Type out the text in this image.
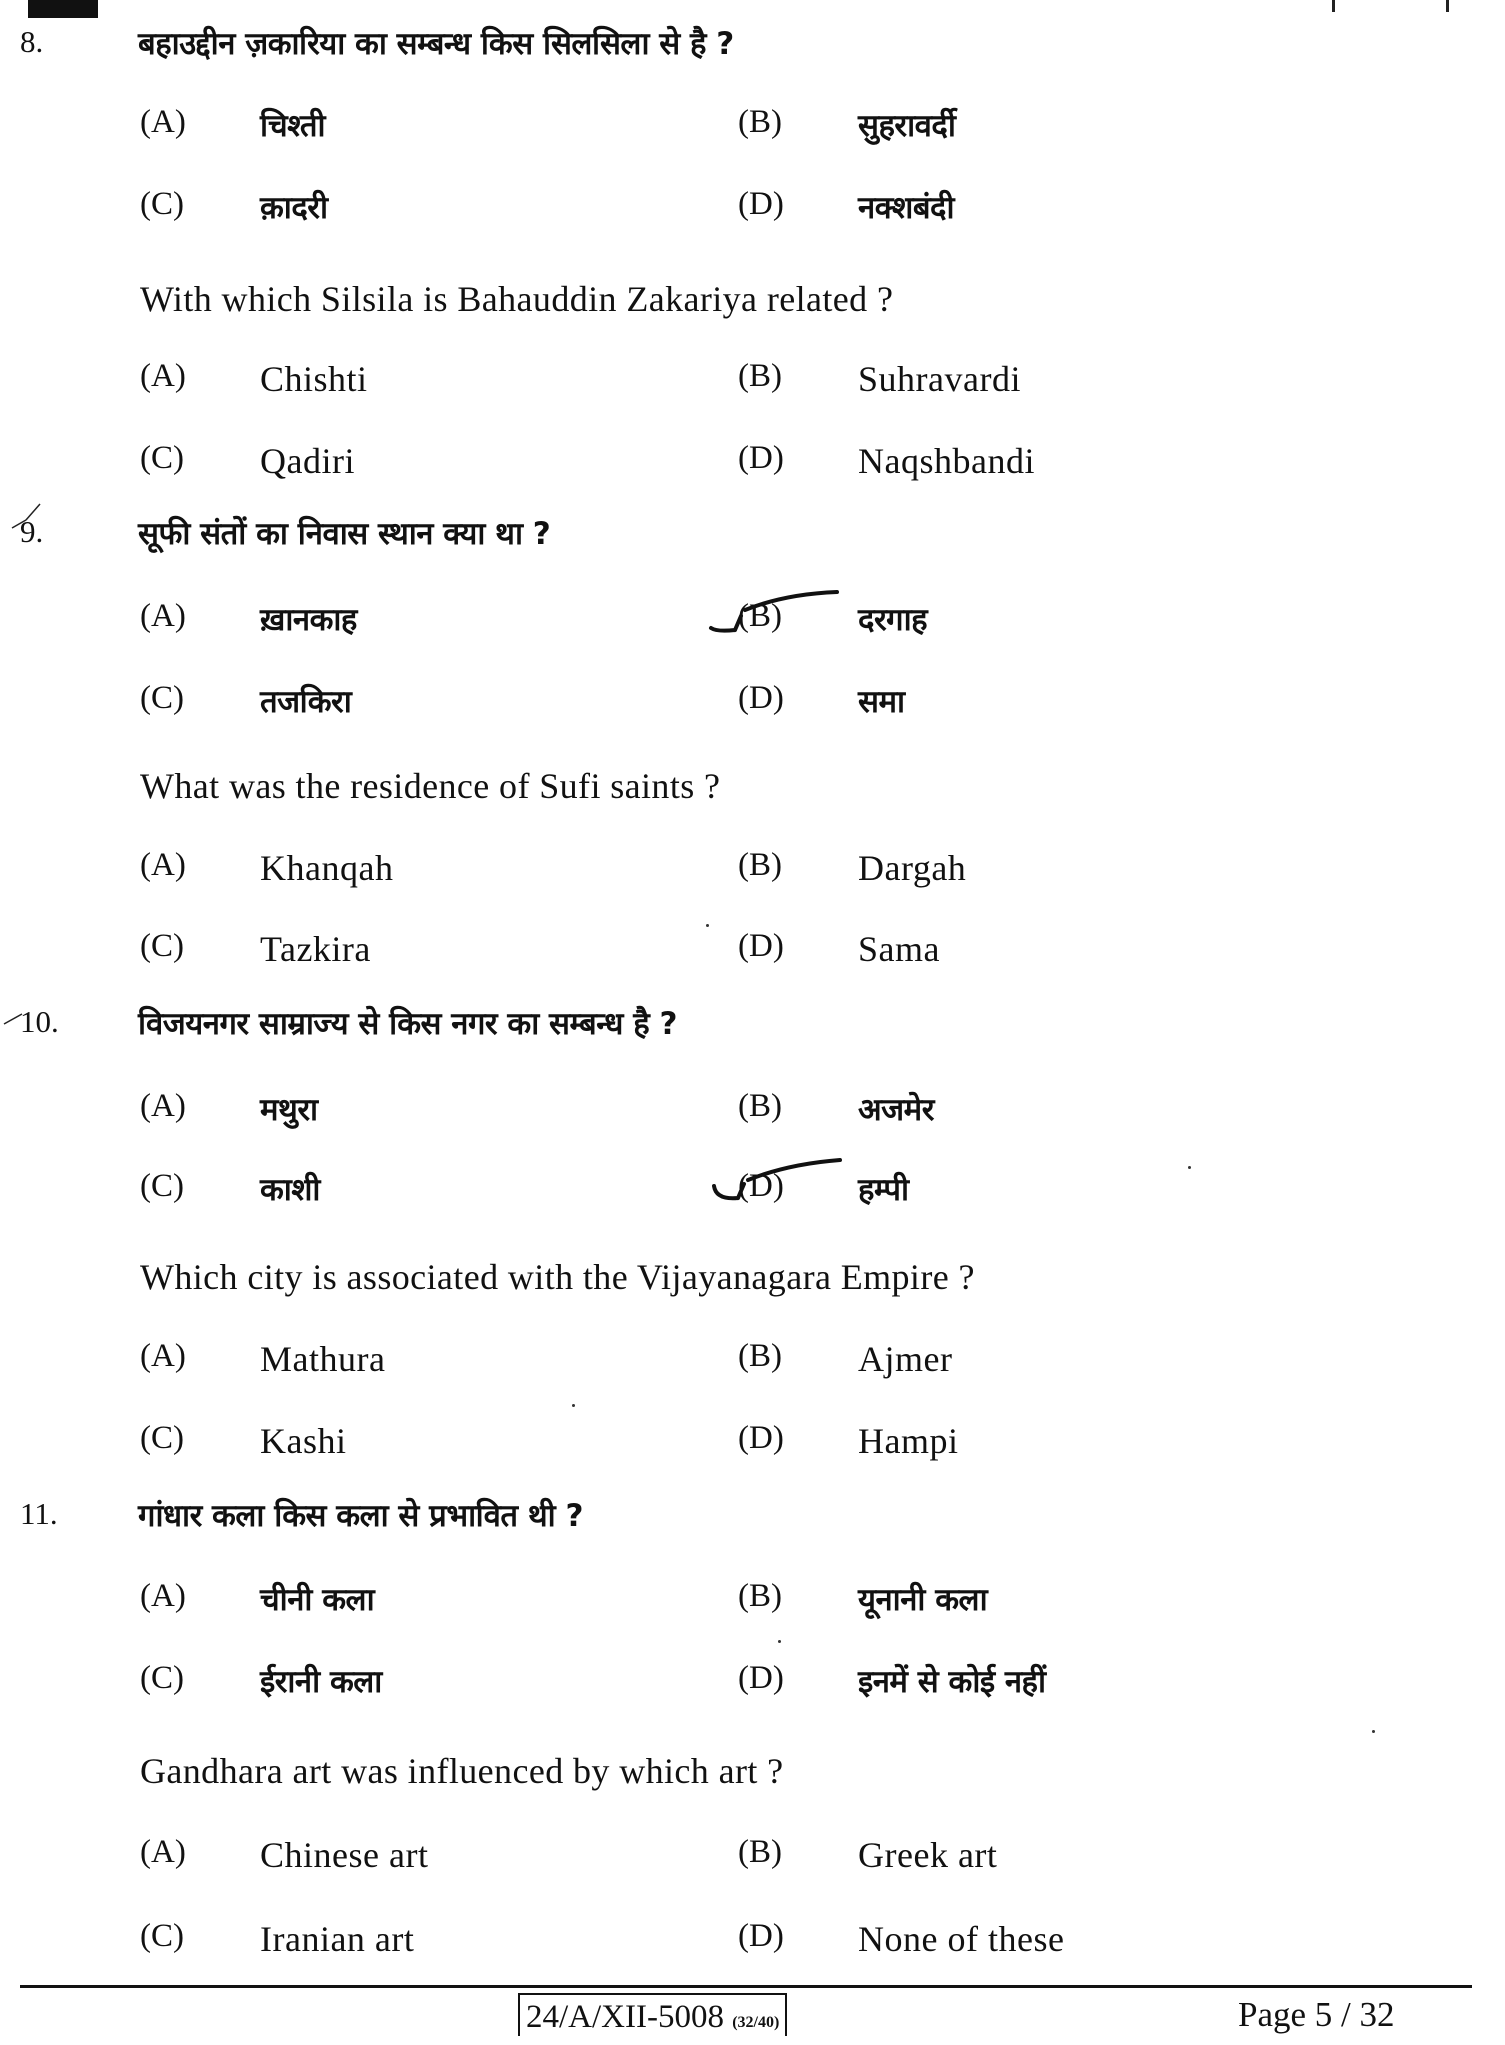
8.	बहाउद्दीन ज़कारिया का सम्बन्ध किस सिलसिला से है ?
(A) चिश्ती	(B) सुहरावर्दी
(C) क़ादरी	(D) नक्शबंदी
With which Silsila is Bahauddin Zakariya related ?
(A) Chishti	(B) Suhravardi
(C) Qadiri	(D) Naqshbandi
9.	सूफी संतों का निवास स्थान क्या था ?
(A) ख़ानकाह	(B) दरगाह
(C) तजकिरा	(D) समा
What was the residence of Sufi saints ?
(A) Khanqah	(B) Dargah
(C) Tazkira	(D) Sama
10.	विजयनगर साम्राज्य से किस नगर का सम्बन्ध है ?
(A) मथुरा	(B) अजमेर
(C) काशी	(D) हम्पी
Which city is associated with the Vijayanagara Empire ?
(A) Mathura	(B) Ajmer
(C) Kashi	(D) Hampi
11.	गांधार कला किस कला से प्रभावित थी ?
(A) चीनी कला	(B) यूनानी कला
(C) ईरानी कला	(D) इनमें से कोई नहीं
Gandhara art was influenced by which art ?
(A) Chinese art	(B) Greek art
(C) Iranian art	(D) None of these
24/A/XII-5008 (32/40)	Page 5 / 32
